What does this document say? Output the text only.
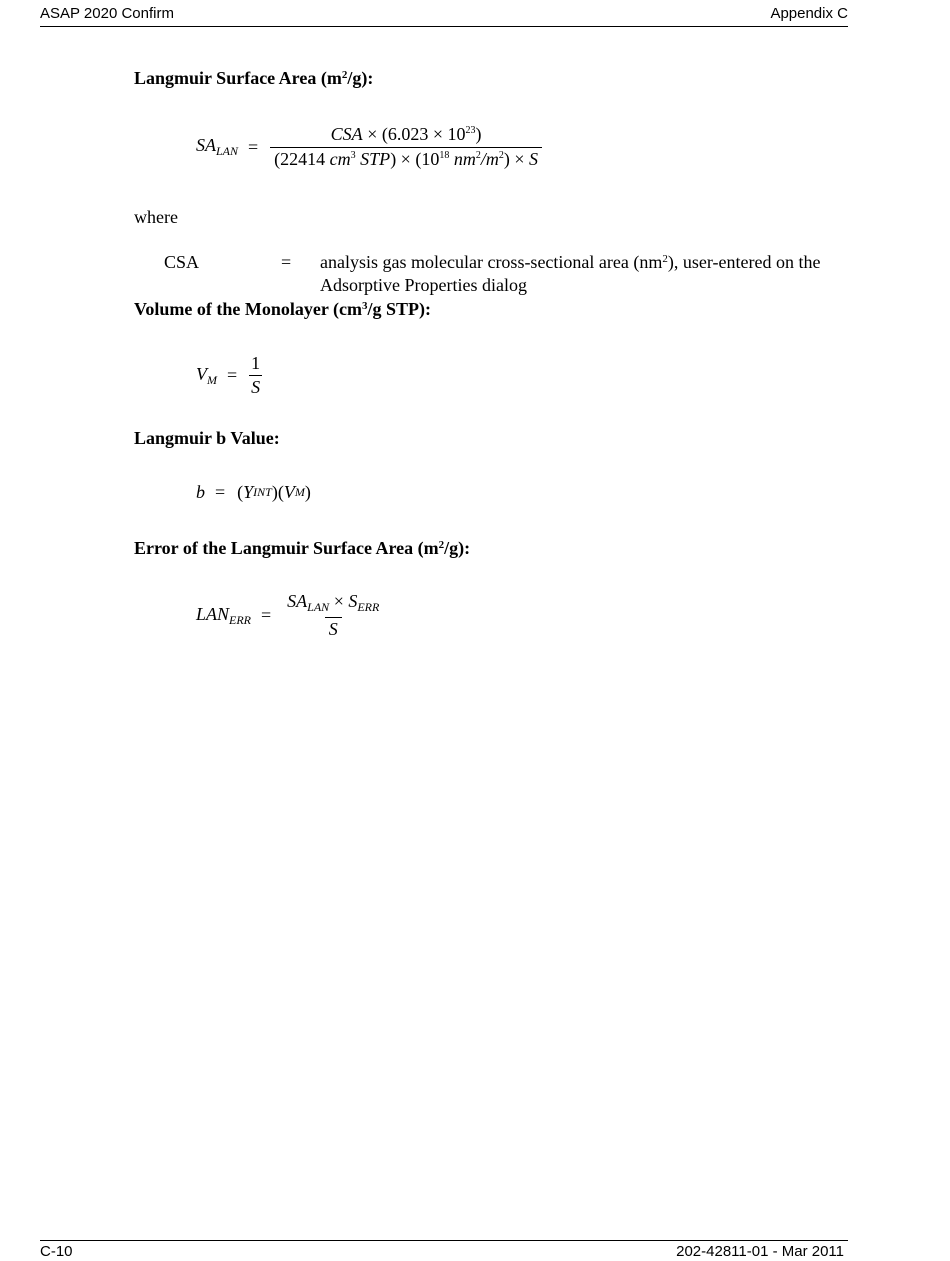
ASAP 2020 Confirm	Appendix C
Langmuir Surface Area $(m^2/g)$:
$SA_{LAN} = \frac{CSA \times (6.023 \times 10^{23})}{(22414 cm^3 STP) \times (10^{18} nm^2/m^2) \times S}$
where
CSA	= analysis gas molecular cross-sectional area $(nm^2)$, user-entered on the
Adsorptive Properties dialog
Volume of the Monolayer ($cm^3/g$ STP):
$V_M = \frac{1}{S}$
Langmuir b Value:
b = ( Y INT )( V M )
Error of the Langmuir Surface Area $(m^2/g)$:
$LAN_{ERR} = \frac{SA_{LAN} \times S_{ERR}}{S}$
C-10	202-42811-01 - Mar 2011
